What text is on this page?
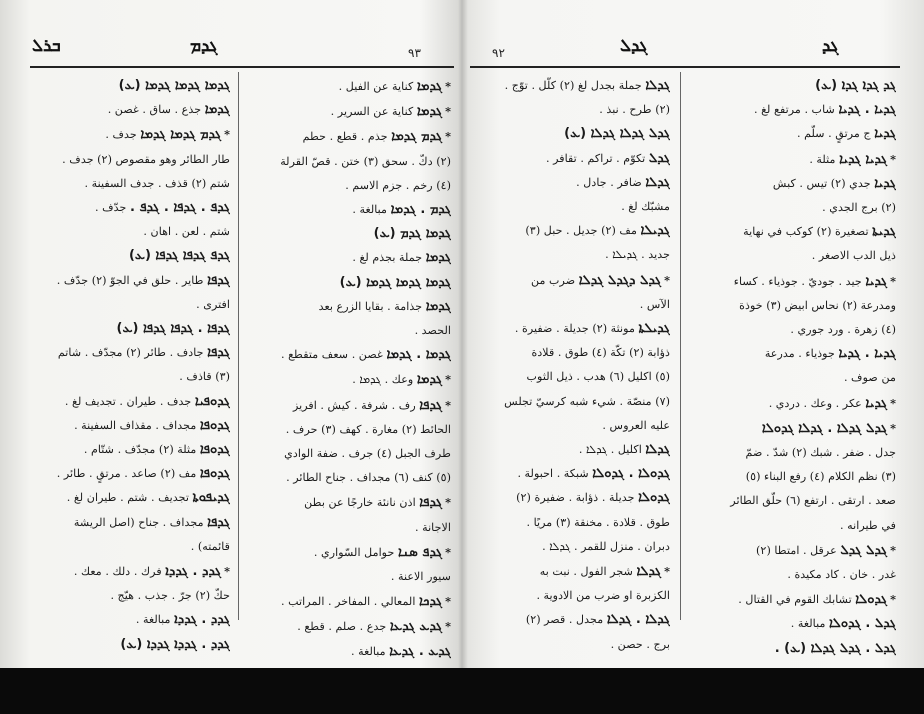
ܒܪܠ	ܓܕܡ	٩٣

ܓܕܡܐ ܓܕܡܐ ܓܕܡܐ (ܥ)

ܓܕܡܐ جذع . ساق . غصن .

*ܓܕܡ ܓܕܡܐ ܓܕܡܐ جدف .

طار الطائر وهو مقصوص (٢) جدف .

شتم (٢) قذف . جدف السفينة .

ܓܕܦ . ܓܕܦܐ . ܓܕܦ . جدّف .

شتم . لعن . اهان .

ܓܕܦ ܓܕܦܐ ܓܕܦܐ (ܥ)

ܓܕܦܐ طاير . حلق في الجوّ (٢) جدّف .

افترى .

ܓܕܦܐ . ܓܕܦܐ ܓܕܦܐ (ܥ)

ܓܕܦܐ جادف . طائر (٢) مجدّف . شاتم

(٣) قاذف .

ܓܕܘܦܝܐ جدف . طيران . تجديف لغ .

ܓܕܘܦܐ مجداف . مقذاف السفينة .

ܓܕܘܦܐ مثلة (٢) مجدّف . شتّام .

ܓܕܘܦܐ مف (٢) صاعد . مرتقٍ . طائر .

ܓܕܝܦܘܬܐ تجديف . شتم . طيران لغ .

ܓܕܦܐ مجداف . جناح (اصل الريشة

قائمته) .

*ܓܕܕ . ܓܕܕܐ فرك . دلك . معك .

حكّ (٢) جرّ . جذب . هيّج .

ܓܕܕ . ܓܕܕܐ مبالغة .

ܓܕܕ . ܓܕܕܐ ܓܕܕܐ (ܥ)

*ܓܕܡܐ كناية عن الفيل .

*ܓܕܡܐ كناية عن السرير .

*ܓܕܡ ܓܕܡܐ جذم . قطع . حطم

(٢) دكّ . سحق (٣) ختن . قصّ القرلة

(٤) رخم . جزم الاسم .

ܓܕܡ . ܓܕܡܐ مبالغة .

ܓܕܡܐ ܓܕܡ (ܥ)

ܓܕܡܐ جملة بجذم لغ .

ܓܕܡܐ ܓܕܡܐ ܓܕܡܐ (ܥ)

ܓܕܡܐ جذامة . بقايا الزرع بعد

الحصد .

ܓܕܡܐ . ܓܕܡܐ غصن . سعف متقطع .

*ܓܕܡܐ وعك . ܓܕܡܐ .

*ܓܕܦܐ رف . شرفة . كيش . افريز

الحائط (٢) مغارة . كهف (٣) حرف .

طرف الجبل (٤) جرف . ضفة الوادي

(٥) كنف (٦) مجداف . جناح الطائر .

*ܓܕܦܐ اذن نانئة خارجًا عن بطن

الاجانة .

*ܓܕܦ ܣܢܐ حوامل السّواري .

سيور الاعنة .

*ܓܕܟܐ المعالي . المفاخر . المراتب .

*ܓܕܥ ܓܕܥܐ جدع . صلم . قطع .

ܓܕܥ . ܓܕܥܐ مبالغة .

٩٢	ܓܕܠ	ܓܕ

ܓܕܠܐ جملة بجدل لغ (٢) كلّل . توّج .

(٢) طرح . نبذ .

ܓܕܠ ܓܕܠܐ ܓܕܠܐ (ܥ)

ܓܕܠ تكوّم . تراكم . تقافر .

ܓܕܠܐ ضافر . جادل .

مشبّك لغ .

ܓܕܝܠܐ مف (٢) جديل . حبل (٣)

جديد . ܓܕܝܠܐ .

*ܓܕܠ ܕܓܕܠ ܓܕܠܐ ضرب من

الآس .

ܓܕܝܠܬܐ مونثة (٢) جديلة . ضفيرة .

ذؤابة (٢) تكّة (٤) طوق . قلادة

(٥) اكليل (٦) هدب . ذيل الثوب

(٧) منصّة . شيء شبه كرسيّ تجلس

عليه العروس .

ܓܕܠܐ اكليل . ܓܕܠܐ .

ܓܕܘܠܐ . ܓܕܘܠܐ شبكة . احبولة .

ܓܕܘܠܐ جديلة . ذؤابة . ضفيرة (٢)

طوق . قلادة . مخنقة (٣) مريًا .

دبران . منزل للقمر . ܓܕܠܐ .

*ܓܕܠܐ شجر الفول . نبت به

الكزبرة او ضرب من الادوية .

ܓܕܠܐ . ܓܕܠܐ مجدل . قصر (٢)

برج . حصن .

ܓܕ ܓܕܐ ܓܕܐ (ܥ)

ܓܕܝܐ . ܓܕܝܐ شاب . مرتفع لغ .

ܓܕܝܐ ج مرتقٍ . سلّم .

*ܓܕܝܐ ܓܕܝܐ مثلة .

ܓܕܝܐ جدي (٢) تيس . كبش

(٢) برج الجدي .

ܓܕܝܬܐ تصغيرة (٢) كوكب في نهاية

ذيل الدب الاصغر .

*ܓܕܝܐ جيد . جوديّ . جوذياء . كساء

ومدرعة (٢) نحاس ابيض (٣) خوذة

(٤) زهرة . ورد جوري .

ܓܕܝܐ . ܓܕܝܐ جوذياء . مدرعة

من صوف .

*ܓܕܝܐ عكر . وعك . دردي .

*ܓܕܠ ܓܕܠܐ . ܓܕܠܐ ܓܕܘܠܐ

جدل . ضفر . شبك (٢) شدّ . ضمّ

(٣) نظم الكلام (٤) رفع البناء (٥)

صعد . ارتقى . ارتفع (٦) حلّق الطائر

في طيرانه .

*ܓܕܠ ܓܕܠ عرقل . امتطا (٢)

غدر . خان . كاد مكيدة .

*ܓܕܘܠܐ تشابك القوم في القتال .

ܓܕܠ . ܓܕܘܠܐ مبالغة .

ܓܕܠ . ܓܕܠ ܓܕܠܐ (ܥ) .
